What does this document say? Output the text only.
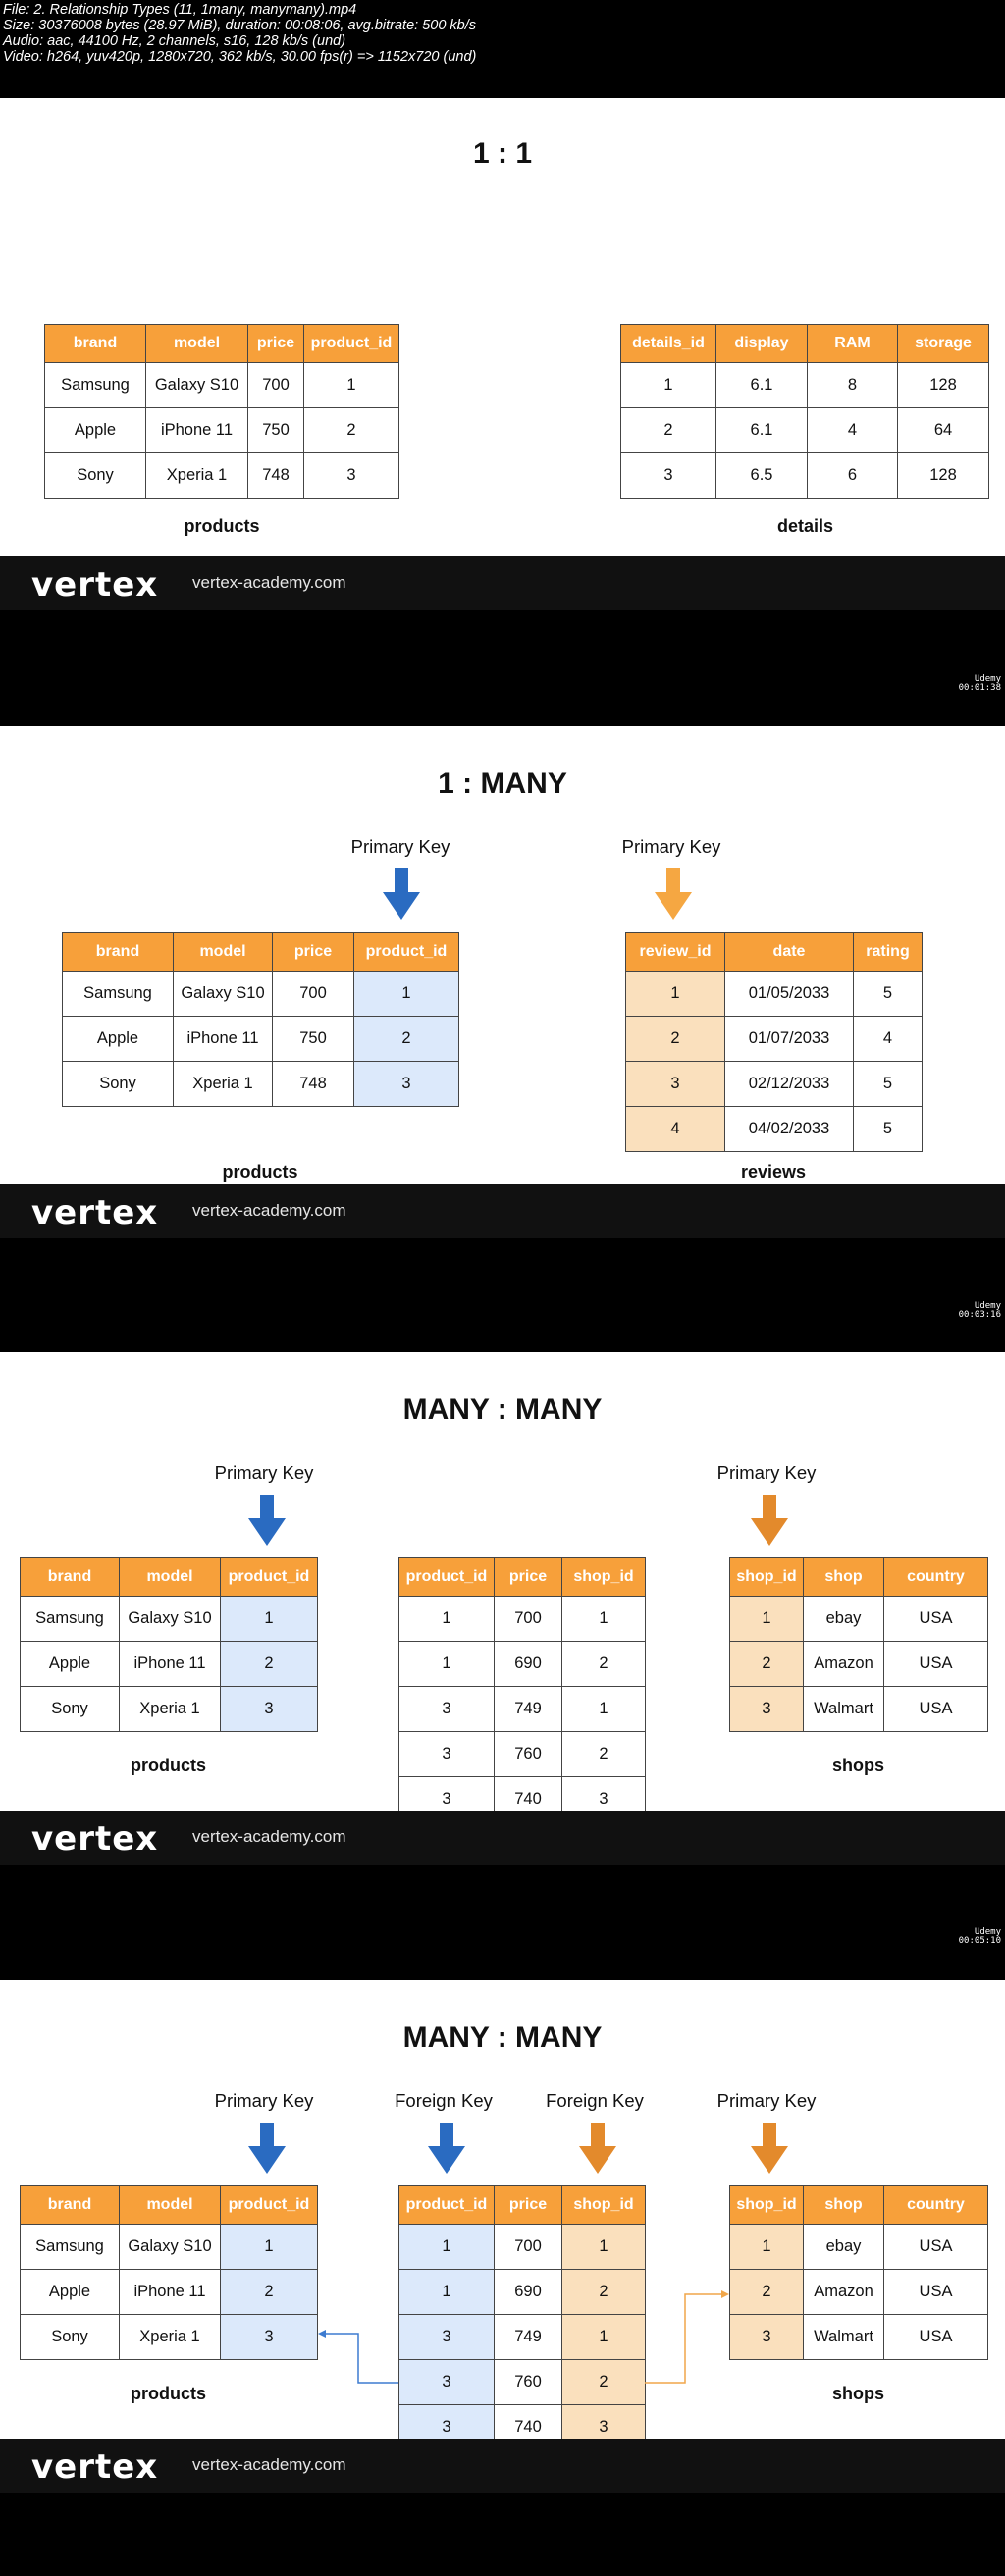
File: 2. Relationship Types (11, 1many, manymany).mp4
Size: 30376008 bytes (28.97 MiB), duration: 00:08:06, avg.bitrate: 500 kb/s
Audio: aac, 44100 Hz, 2 channels, s16, 128 kb/s (und)
Video: h264, yuv420p, 1280x720, 362 kb/s, 30.00 fps(r) => 1152x720 (und)
1 : 1
brand	model	price	product_id
Samsung	Galaxy S10	700	1
Apple	iPhone 11	750	2
Sony	Xperia 1	748	3
products
details_id	display	RAM	storage
1	6.1	8	128
2	6.1	4	64
3	6.5	6	128
details
vertex vertex-academy.com
Udemy
00:01:38
1 : MANY
Primary Key	Primary Key
brand	model	price	product_id
Samsung	Galaxy S10	700	1
Apple	iPhone 11	750	2
Sony	Xperia 1	748	3
products
review_id	date	rating
1	01/05/2033	5
2	01/07/2033	4
3	02/12/2033	5
4	04/02/2033	5
reviews
vertex vertex-academy.com
Udemy
00:03:16
MANY : MANY
Primary Key	Primary Key
brand	model	product_id
Samsung	Galaxy S10	1
Apple	iPhone 11	2
Sony	Xperia 1	3
products
product_id	price	shop_id
1	700	1
1	690	2
3	749	1
3	760	2
3	740	3
shop_id	shop	country
1	ebay	USA
2	Amazon	USA
3	Walmart	USA
shops
vertex vertex-academy.com
Udemy
00:05:10
MANY : MANY
Primary Key	Foreign Key	Foreign Key	Primary Key
brand	model	product_id
Samsung	Galaxy S10	1
Apple	iPhone 11	2
Sony	Xperia 1	3
products
product_id	price	shop_id
1	700	1
1	690	2
3	749	1
3	760	2
3	740	3
shop_id	shop	country
1	ebay	USA
2	Amazon	USA
3	Walmart	USA
shops
vertex vertex-academy.com
